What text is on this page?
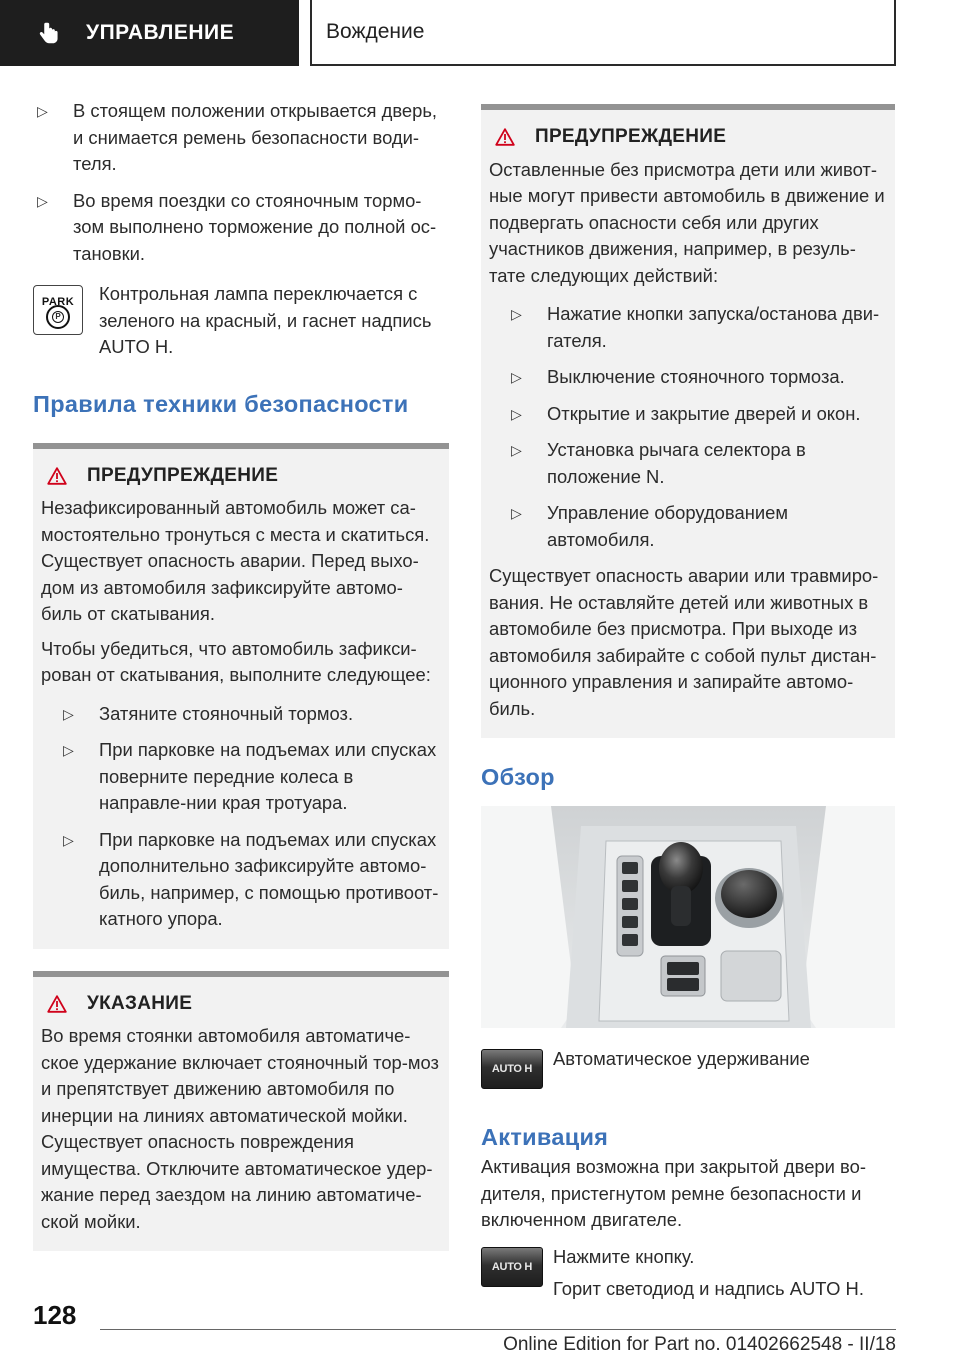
УПРАВЛЕНИЕ	Вождение
▷ В стоящем положении открывается дверь, и снимается ремень безопасности води-теля.
▷ Во время поездки со стояночным тормо-зом выполнено торможение до полной ос-тановки.
PARK
P
Контрольная лампа переключается с зеленого на красный, и гаснет надпись AUTO H.
Правила техники безопасности
ПРЕДУПРЕЖДЕНИЕ
Незафиксированный автомобиль может са-мостоятельно тронуться с места и скатиться. Существует опасность аварии. Перед выхо-дом из автомобиля зафиксируйте автомо-биль от скатывания.
Чтобы убедиться, что автомобиль зафикси-рован от скатывания, выполните следующее:
▷ Затяните стояночный тормоз.
▷ При парковке на подъемах или спусках поверните передние колеса в направле-нии края тротуара.
▷ При парковке на подъемах или спусках дополнительно зафиксируйте автомо-биль, например, с помощью противоот-катного упора.
УКАЗАНИЕ
Во время стоянки автомобиля автоматиче-ское удержание включает стояночный тор-моз и препятствует движению автомобиля по инерции на линиях автоматической мойки. Существует опасность повреждения имущества. Отключите автоматическое удер-жание перед заездом на линию автоматиче-ской мойки.
ПРЕДУПРЕЖДЕНИЕ
Оставленные без присмотра дети или живот-ные могут привести автомобиль в движение и подвергать опасности себя или других участников движения, например, в резуль-тате следующих действий:
▷ Нажатие кнопки запуска/останова дви-гателя.
▷ Выключение стояночного тормоза.
▷ Открытие и закрытие дверей и окон.
▷ Установка рычага селектора в положение N.
▷ Управление оборудованием автомобиля.
Существует опасность аварии или травмиро-вания. Не оставляйте детей или животных в автомобиле без присмотра. При выходе из автомобиля забирайте с собой пульт дистан-ционного управления и запирайте автомо-биль.
Обзор
AUTO H	Автоматическое удерживание
Активация
Активация возможна при закрытой двери во-дителя, пристегнутом ремне безопасности и включенном двигателе.
AUTO H	Нажмите кнопку.
Горит светодиод и надпись AUTO H.
128
Online Edition for Part no. 01402662548 - II/18
